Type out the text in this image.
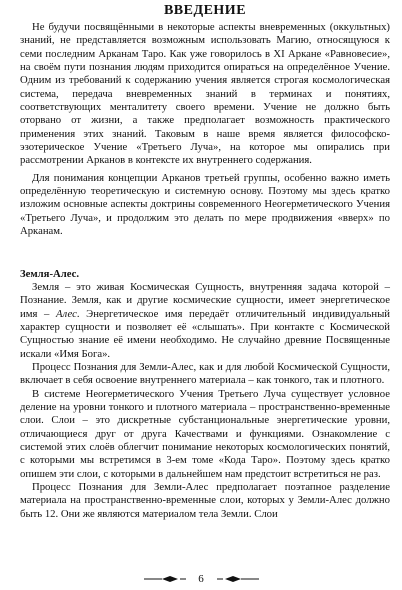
ВВЕДЕНИЕ

Не будучи посвящёнными в некоторые аспекты вневременных (оккультных) знаний, не представляется возможным использовать Магию, относящуюся к семи последним Арканам Таро. Как уже говорилось в XI Аркане «Равновесие», на своём пути познания людям приходится опираться на определённое Учение. Одним из требований к содержанию учения является строгая космологическая система, передача вневременных знаний в терминах и понятиях, соответствующих менталитету своего времени. Учение не должно быть оторвано от жизни, а также предполагает возможность практического применения этих знаний. Таковым в наше время является философско-эзотерическое Учение «Третьего Луча», на которое мы опирались при рассмотрении Арканов в контексте их внутреннего содержания.

Для понимания концепции Арканов третьей группы, особенно важно иметь определённую теоретическую и системную основу. Поэтому мы здесь кратко изложим основные аспекты доктрины современного Неогерметического Учения «Третьего Луча», и продолжим это делать по мере продвижения «вверх» по Арканам.

Земля-Алес.

Земля – это живая Космическая Сущность, внутренняя задача которой – Познание. Земля, как и другие космические сущности, имеет энергетическое имя – Алес. Энергетическое имя передаёт отличительный индивидуальный характер сущности и позволяет её «слышать». При контакте с Космической Сущностью знание её имени необходимо. Не случайно древние Посвященные искали «Имя Бога».

Процесс Познания для Земли-Алес, как и для любой Космической Сущности, включает в себя освоение внутреннего материала – как тонкого, так и плотного.

В системе Неогерметического Учения Третьего Луча существует условное деление на уровни тонкого и плотного материала – пространственно-временные слои. Слои – это дискретные субстанциональные энергетические уровни, отличающиеся друг от друга Качествами и функциями. Ознакомление с системой этих слоёв облегчит понимание некоторых космологических понятий, с которыми мы встретимся в 3-ем томе «Кода Таро». Поэтому здесь кратко опишем эти слои, с которыми в дальнейшем нам предстоит встретиться не раз.

Процесс Познания для Земли-Алес предполагает поэтапное разделение материала на пространственно-временные слои, которых у Земли-Алес должно быть 12. Они же являются материалом тела Земли. Слои

6
